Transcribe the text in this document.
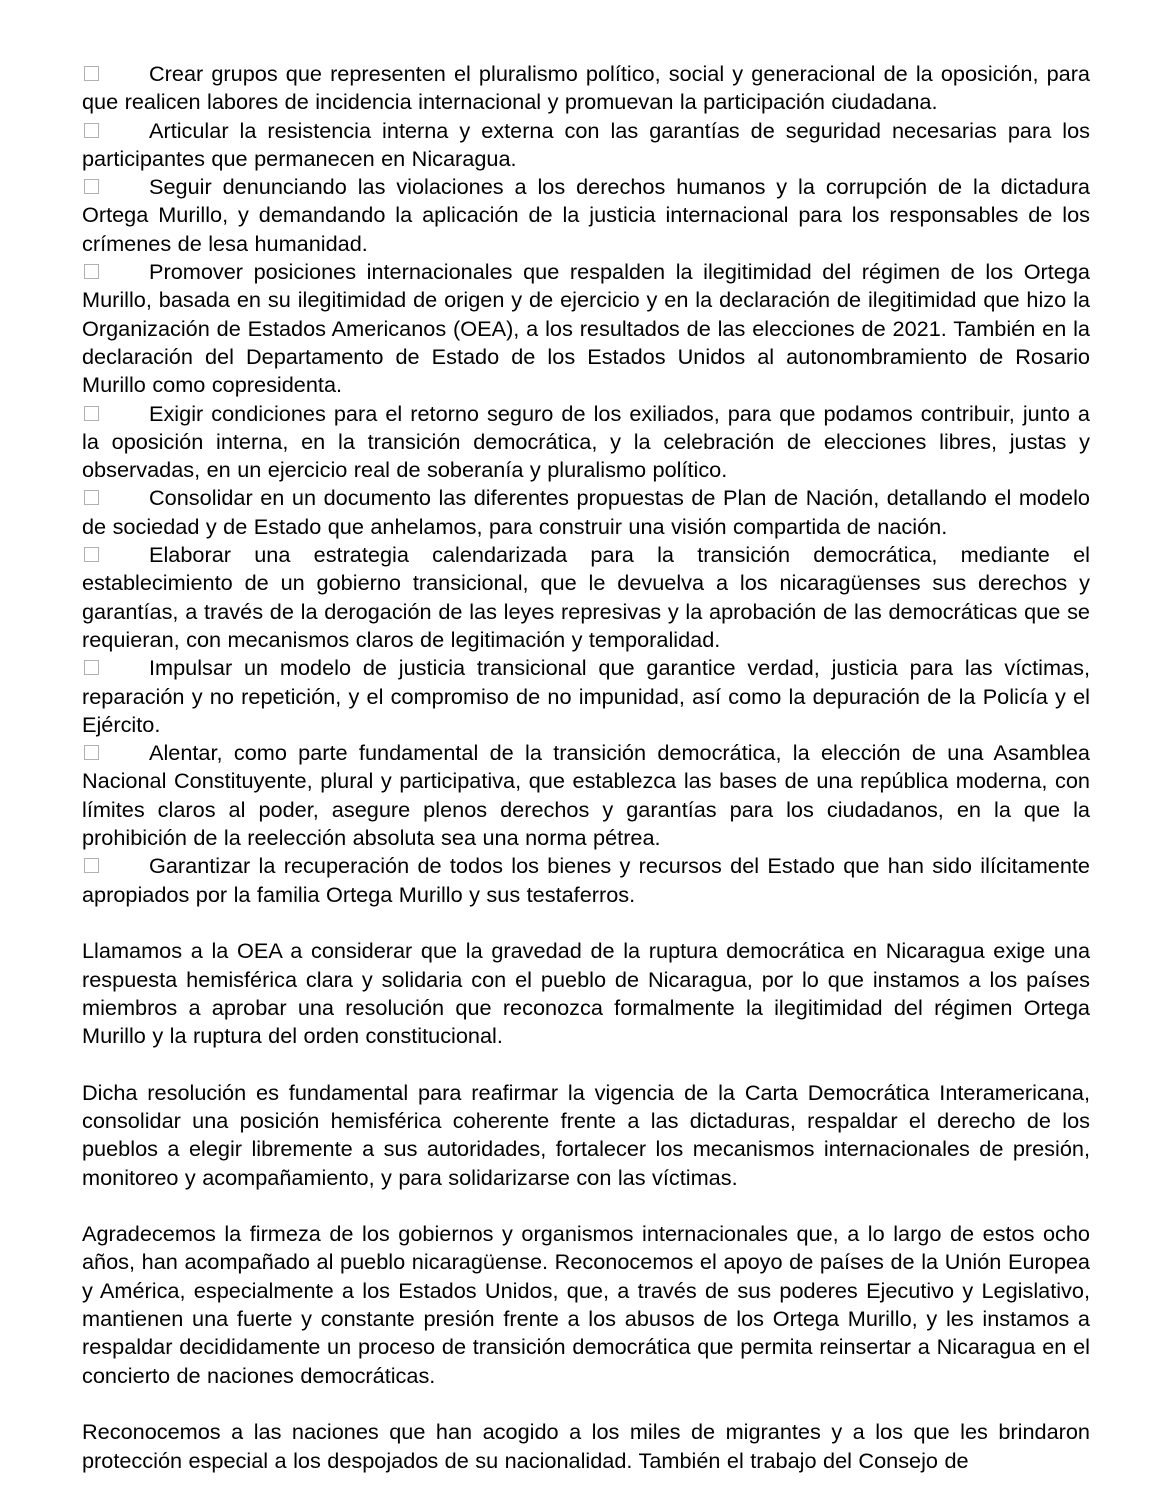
Crear grupos que representen el pluralismo político, social y generacional de la oposición, para que realicen labores de incidencia internacional y promuevan la participación ciudadana.

Articular la resistencia interna y externa con las garantías de seguridad necesarias para los participantes que permanecen en Nicaragua.

Seguir denunciando las violaciones a los derechos humanos y la corrupción de la dictadura Ortega Murillo, y demandando la aplicación de la justicia internacional para los responsables de los crímenes de lesa humanidad.

Promover posiciones internacionales que respalden la ilegitimidad del régimen de los Ortega Murillo, basada en su ilegitimidad de origen y de ejercicio y en la declaración de ilegitimidad que hizo la Organización de Estados Americanos (OEA), a los resultados de las elecciones de 2021. También en la declaración del Departamento de Estado de los Estados Unidos al autonombramiento de Rosario Murillo como copresidenta.

Exigir condiciones para el retorno seguro de los exiliados, para que podamos contribuir, junto a la oposición interna, en la transición democrática, y la celebración de elecciones libres, justas y observadas, en un ejercicio real de soberanía y pluralismo político.

Consolidar en un documento las diferentes propuestas de Plan de Nación, detallando el modelo de sociedad y de Estado que anhelamos, para construir una visión compartida de nación.

Elaborar una estrategia calendarizada para la transición democrática, mediante el establecimiento de un gobierno transicional, que le devuelva a los nicaragüenses sus derechos y garantías, a través de la derogación de las leyes represivas y la aprobación de las democráticas que se requieran, con mecanismos claros de legitimación y temporalidad.

Impulsar un modelo de justicia transicional que garantice verdad, justicia para las víctimas, reparación y no repetición, y el compromiso de no impunidad, así como la depuración de la Policía y el Ejército.

Alentar, como parte fundamental de la transición democrática, la elección de una Asamblea Nacional Constituyente, plural y participativa, que establezca las bases de una república moderna, con límites claros al poder, asegure plenos derechos y garantías para los ciudadanos, en la que la prohibición de la reelección absoluta sea una norma pétrea.

Garantizar la recuperación de todos los bienes y recursos del Estado que han sido ilícitamente apropiados por la familia Ortega Murillo y sus testaferros.

Llamamos a la OEA a considerar que la gravedad de la ruptura democrática en Nicaragua exige una respuesta hemisférica clara y solidaria con el pueblo de Nicaragua, por lo que instamos a los países miembros a aprobar una resolución que reconozca formalmente la ilegitimidad del régimen Ortega Murillo y la ruptura del orden constitucional.

Dicha resolución es fundamental para reafirmar la vigencia de la Carta Democrática Interamericana, consolidar una posición hemisférica coherente frente a las dictaduras, respaldar el derecho de los pueblos a elegir libremente a sus autoridades, fortalecer los mecanismos internacionales de presión, monitoreo y acompañamiento, y para solidarizarse con las víctimas.

Agradecemos la firmeza de los gobiernos y organismos internacionales que, a lo largo de estos ocho años, han acompañado al pueblo nicaragüense. Reconocemos el apoyo de países de la Unión Europea y América, especialmente a los Estados Unidos, que, a través de sus poderes Ejecutivo y Legislativo, mantienen una fuerte y constante presión frente a los abusos de los Ortega Murillo, y les instamos a respaldar decididamente un proceso de transición democrática que permita reinsertar a Nicaragua en el concierto de naciones democráticas.

Reconocemos a las naciones que han acogido a los miles de migrantes y a los que les brindaron protección especial a los despojados de su nacionalidad. También el trabajo del Consejo de
